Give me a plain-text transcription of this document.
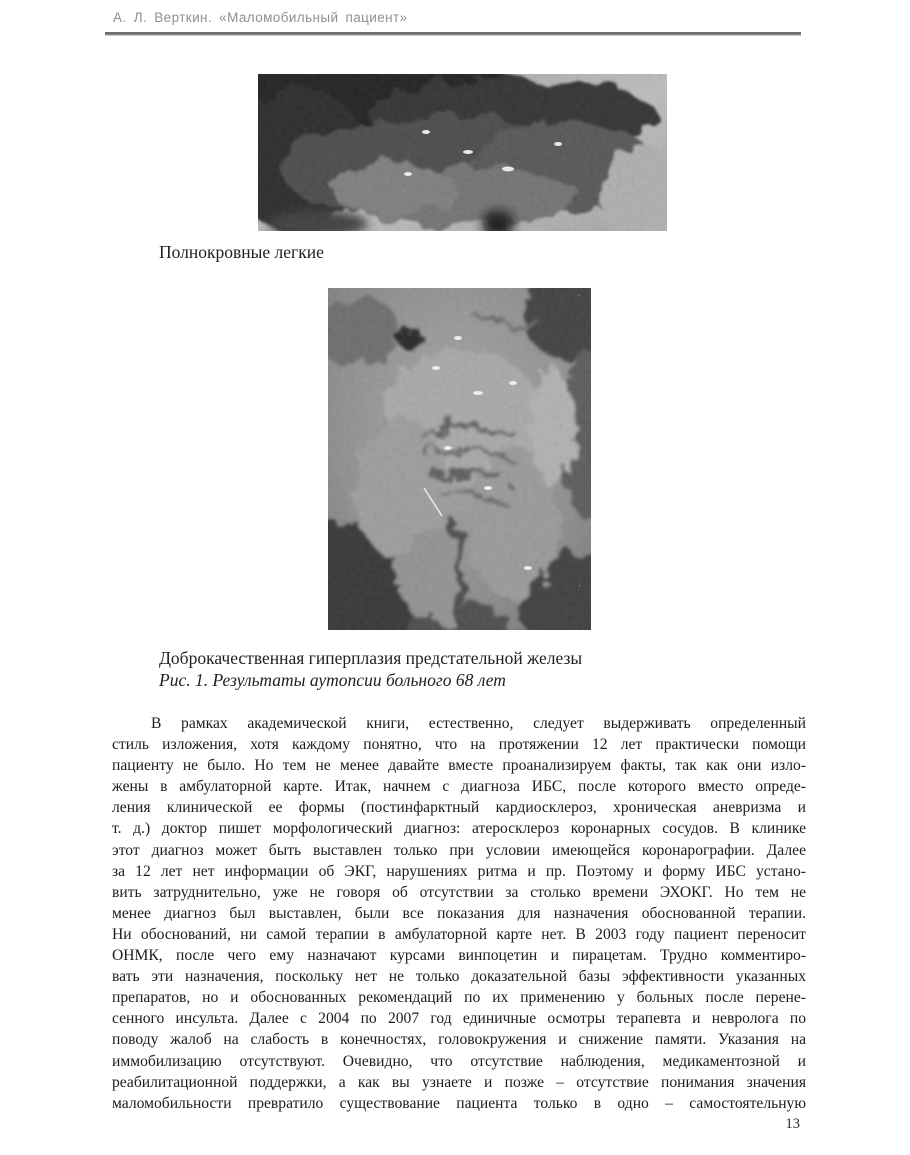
А. Л. Верткин. «Маломобильный пациент»
Полнокровные легкие
Доброкачественная гиперплазия предстательной железы
Рис. 1. Результаты аутопсии больного 68 лет
В рамках академической книги, естественно, следует выдерживать определенный
стиль изложения, хотя каждому понятно, что на протяжении 12 лет практически помощи
пациенту не было. Но тем не менее давайте вместе проанализируем факты, так как они изло-
жены в амбулаторной карте. Итак, начнем с диагноза ИБС, после которого вместо опреде-
ления клинической ее формы (постинфарктный кардиосклероз, хроническая аневризма и
т. д.) доктор пишет морфологический диагноз: атеросклероз коронарных сосудов. В клинике
этот диагноз может быть выставлен только при условии имеющейся коронарографии. Далее
за 12 лет нет информации об ЭКГ, нарушениях ритма и пр. Поэтому и форму ИБС устано-
вить затруднительно, уже не говоря об отсутствии за столько времени ЭХОКГ. Но тем не
менее диагноз был выставлен, были все показания для назначения обоснованной терапии.
Ни обоснований, ни самой терапии в амбулаторной карте нет. В 2003 году пациент переносит
ОНМК, после чего ему назначают курсами винпоцетин и пирацетам. Трудно комментиро-
вать эти назначения, поскольку нет не только доказательной базы эффективности указанных
препаратов, но и обоснованных рекомендаций по их применению у больных после перене-
сенного инсульта. Далее с 2004 по 2007 год единичные осмотры терапевта и невролога по
поводу жалоб на слабость в конечностях, головокружения и снижение памяти. Указания на
иммобилизацию отсутствуют. Очевидно, что отсутствие наблюдения, медикаментозной и
реабилитационной поддержки, а как вы узнаете и позже – отсутствие понимания значения
маломобильности превратило существование пациента только в одно – самостоятельную
13
